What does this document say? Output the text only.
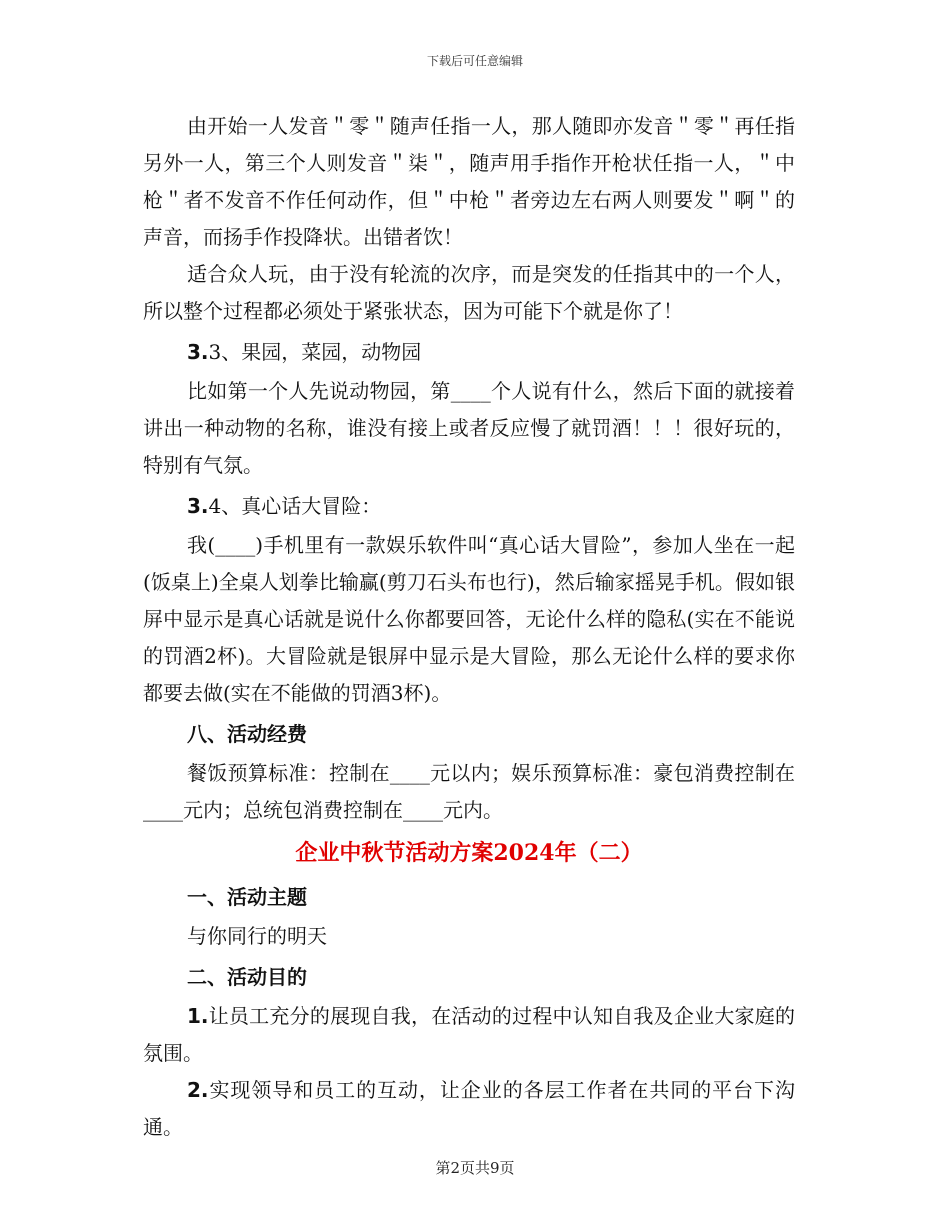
下载后可任意编辑

由开始一人发音＂零＂随声任指一人，那人随即亦发音＂零＂再任指另外一人，第三个人则发音＂柒＂，随声用手指作开枪状任指一人，＂中枪＂者不发音不作任何动作，但＂中枪＂者旁边左右两人则要发＂啊＂的声音，而扬手作投降状。出错者饮！

适合众人玩，由于没有轮流的次序，而是突发的任指其中的一个人，所以整个过程都必须处于紧张状态，因为可能下个就是你了！

3.3、果园，菜园，动物园

比如第一个人先说动物园，第____个人说有什么，然后下面的就接着讲出一种动物的名称，谁没有接上或者反应慢了就罚酒！！！很好玩的，特别有气氛。

3.4、真心话大冒险：

我(____)手机里有一款娱乐软件叫“真心话大冒险”，参加人坐在一起(饭桌上)全桌人划拳比输赢(剪刀石头布也行)，然后输家摇晃手机。假如银屏中显示是真心话就是说什么你都要回答，无论什么样的隐私(实在不能说的罚酒2杯)。大冒险就是银屏中显示是大冒险，那么无论什么样的要求你都要去做(实在不能做的罚酒3杯)。

八、活动经费

餐饭预算标准：控制在____元以内；娱乐预算标准：豪包消费控制在____元内；总统包消费控制在____元内。

企业中秋节活动方案2024年（二）
一、活动主题

与你同行的明天

二、活动目的

1.让员工充分的展现自我，在活动的过程中认知自我及企业大家庭的氛围。

2.实现领导和员工的互动，让企业的各层工作者在共同的平台下沟通。

第2页共9页
